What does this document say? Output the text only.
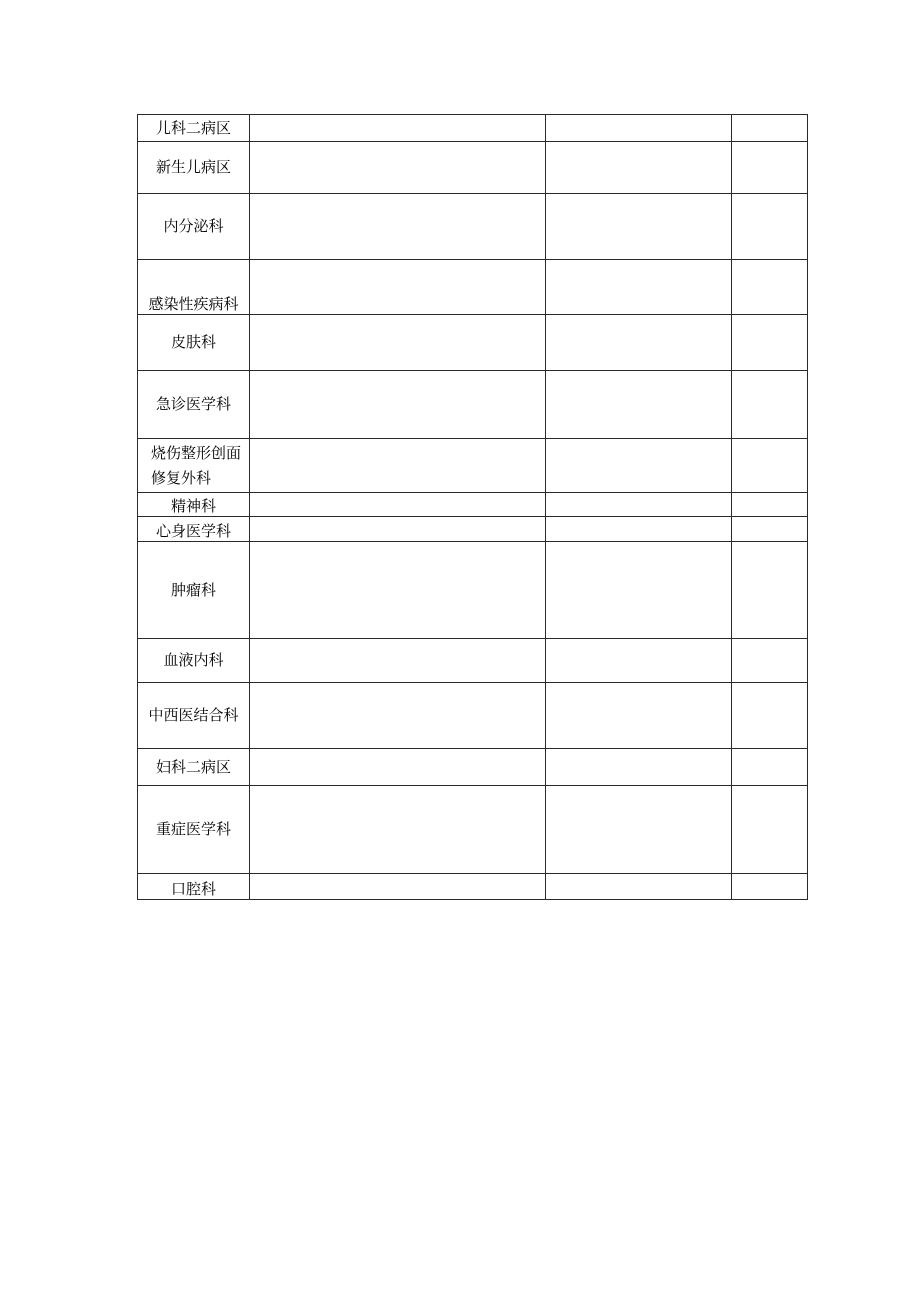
儿科二病区			
新生儿病区			
内分泌科			
感染性疾病科			
皮肤科			
急诊医学科			
烧伤整形创面修复外科			
精神科			
心身医学科			
肿瘤科			
血液内科			
中西医结合科			
妇科二病区			
重症医学科			
口腔科			
